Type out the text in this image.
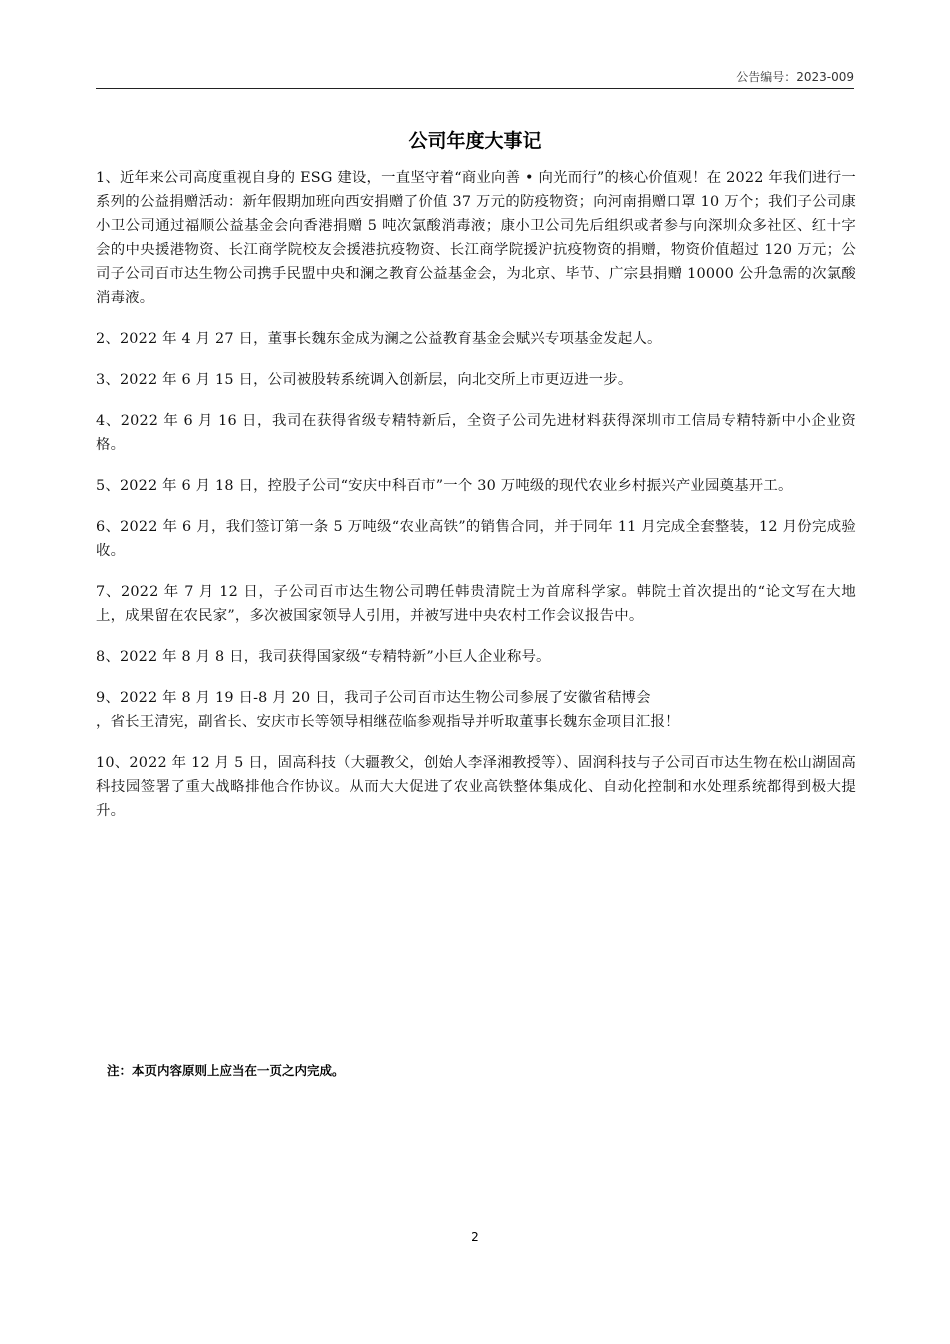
公告编号：2023-009
公司年度大事记

1、近年来公司高度重视自身的 ESG 建设，一直坚守着“商业向善 • 向光而行”的核心价值观！在 2022 年我们进行一系列的公益捐赠活动：新年假期加班向西安捐赠了价值 37 万元的防疫物资；向河南捐赠口罩 10 万个；我们子公司康小卫公司通过福顺公益基金会向香港捐赠 5 吨次氯酸消毒液；康小卫公司先后组织或者参与向深圳众多社区、红十字会的中央援港物资、长江商学院校友会援港抗疫物资、长江商学院援沪抗疫物资的捐赠，物资价值超过 120 万元；公司子公司百市达生物公司携手民盟中央和澜之教育公益基金会，为北京、毕节、广宗县捐赠 10000 公升急需的次氯酸消毒液。

2、2022 年 4 月 27 日，董事长魏东金成为澜之公益教育基金会赋兴专项基金发起人。

3、2022 年 6 月 15 日，公司被股转系统调入创新层，向北交所上市更迈进一步。

4、2022 年 6 月 16 日，我司在获得省级专精特新后，全资子公司先进材料获得深圳市工信局专精特新中小企业资格。

5、2022 年 6 月 18 日，控股子公司“安庆中科百市”一个 30 万吨级的现代农业乡村振兴产业园奠基开工。

6、2022 年 6 月，我们签订第一条 5 万吨级“农业高铁”的销售合同，并于同年 11 月完成全套整装，12 月份完成验收。

7、2022 年 7 月 12 日，子公司百市达生物公司聘任韩贵清院士为首席科学家。韩院士首次提出的“论文写在大地上，成果留在农民家”，多次被国家领导人引用，并被写进中央农村工作会议报告中。

8、2022 年 8 月 8 日，我司获得国家级“专精特新”小巨人企业称号。

9、2022 年 8 月 19 日-8 月 20 日，我司子公司百市达生物公司参展了安徽省秸博会
，省长王清宪，副省长、安庆市长等领导相继莅临参观指导并听取董事长魏东金项目汇报！

10、2022 年 12 月 5 日，固高科技（大疆教父，创始人李泽湘教授等）、固润科技与子公司百市达生物在松山湖固高科技园签署了重大战略排他合作协议。从而大大促进了农业高铁整体集成化、自动化控制和水处理系统都得到极大提升。

注：本页内容原则上应当在一页之内完成。
2
